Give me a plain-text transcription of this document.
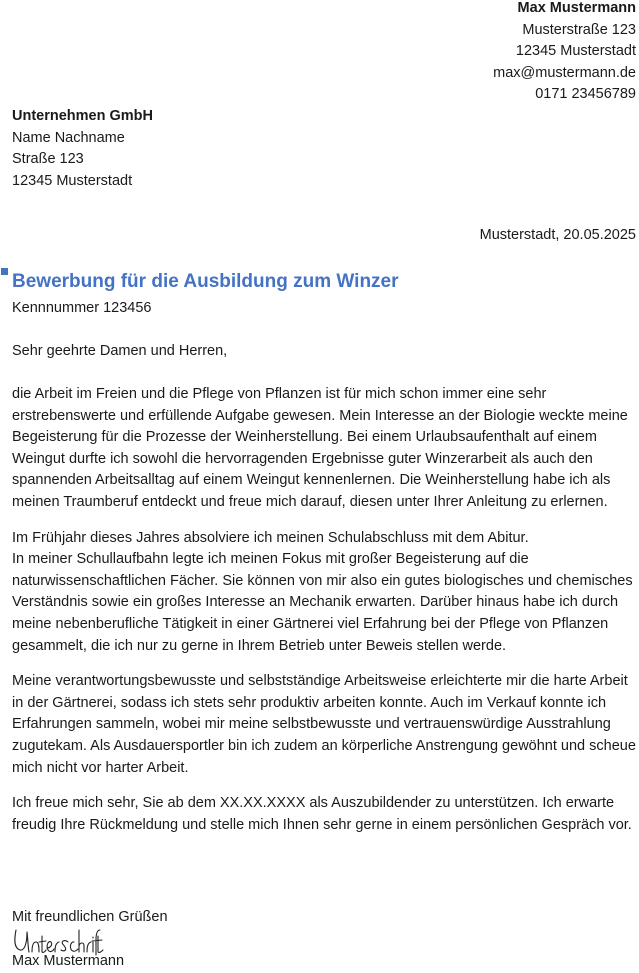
Max Mustermann
Musterstraße 123
12345 Musterstadt
max@mustermann.de
0171 23456789
Unternehmen GmbH
Name Nachname
Straße 123
12345 Musterstadt
Musterstadt, 20.05.2025
Bewerbung für die Ausbildung zum Winzer
Kennnummer 123456
Sehr geehrte Damen und Herren,

die Arbeit im Freien und die Pflege von Pflanzen ist für mich schon immer eine sehr erstrebenswerte und erfüllende Aufgabe gewesen. Mein Interesse an der Biologie weckte meine Begeisterung für die Prozesse der Weinherstellung. Bei einem Urlaubsaufenthalt auf einem Weingut durfte ich sowohl die hervorragenden Ergebnisse guter Winzerarbeit als auch den spannenden Arbeitsalltag auf einem Weingut kennenlernen. Die Weinherstellung habe ich als meinen Traumberuf entdeckt und freue mich darauf, diesen unter Ihrer Anleitung zu erlernen.

Im Frühjahr dieses Jahres absolviere ich meinen Schulabschluss mit dem Abitur.
In meiner Schullaufbahn legte ich meinen Fokus mit großer Begeisterung auf die naturwissenschaftlichen Fächer. Sie können von mir also ein gutes biologisches und chemisches Verständnis sowie ein großes Interesse an Mechanik erwarten. Darüber hinaus habe ich durch meine nebenberufliche Tätigkeit in einer Gärtnerei viel Erfahrung bei der Pflege von Pflanzen gesammelt, die ich nur zu gerne in Ihrem Betrieb unter Beweis stellen werde.

Meine verantwortungsbewusste und selbstständige Arbeitsweise erleichterte mir die harte Arbeit in der Gärtnerei, sodass ich stets sehr produktiv arbeiten konnte. Auch im Verkauf konnte ich Erfahrungen sammeln, wobei mir meine selbstbewusste und vertrauenswürdige Ausstrahlung zugutekam. Als Ausdauersportler bin ich zudem an körperliche Anstrengung gewöhnt und scheue mich nicht vor harter Arbeit.

Ich freue mich sehr, Sie ab dem XX.XX.XXXX als Auszubildender zu unterstützen. Ich erwarte freudig Ihre Rückmeldung und stelle mich Ihnen sehr gerne in einem persönlichen Gespräch vor.

Mit freundlichen Grüßen
Max Mustermann
